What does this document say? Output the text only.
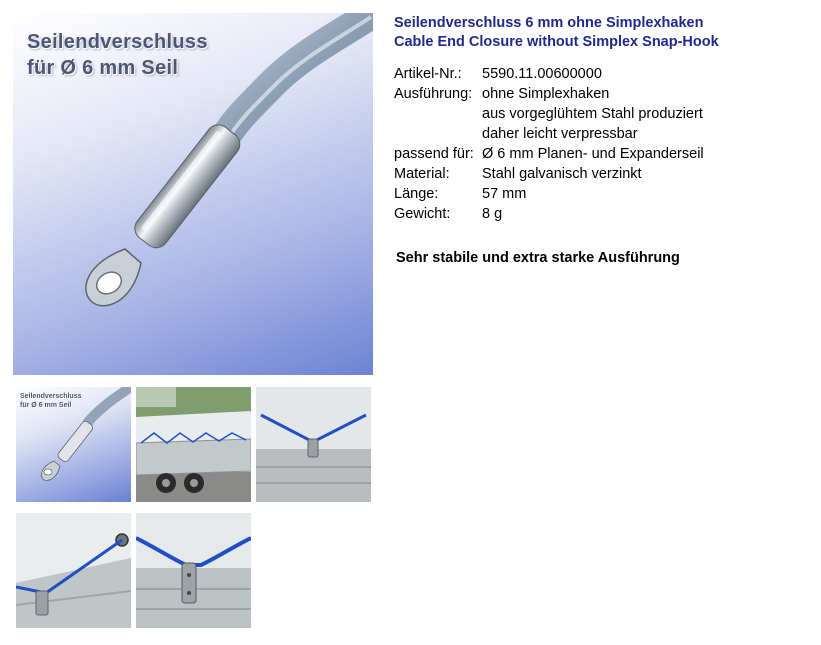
Seilendverschluss
für Ø 6 mm Seil
Seilendverschluss
für Ø 6 mm Seil
Seilendverschluss 6 mm ohne Simplexhaken
Cable End Closure without Simplex Snap-Hook
Artikel-Nr.:	5590.11.00600000
Ausführung: ohne Simplexhaken
aus vorgeglühtem Stahl produziert
daher leicht verpressbar
passend für: Ø 6 mm Planen- und Expanderseil
Material:	Stahl galvanisch verzinkt
Länge:	57 mm
Gewicht:	8 g
Sehr stabile und extra starke Ausführung
